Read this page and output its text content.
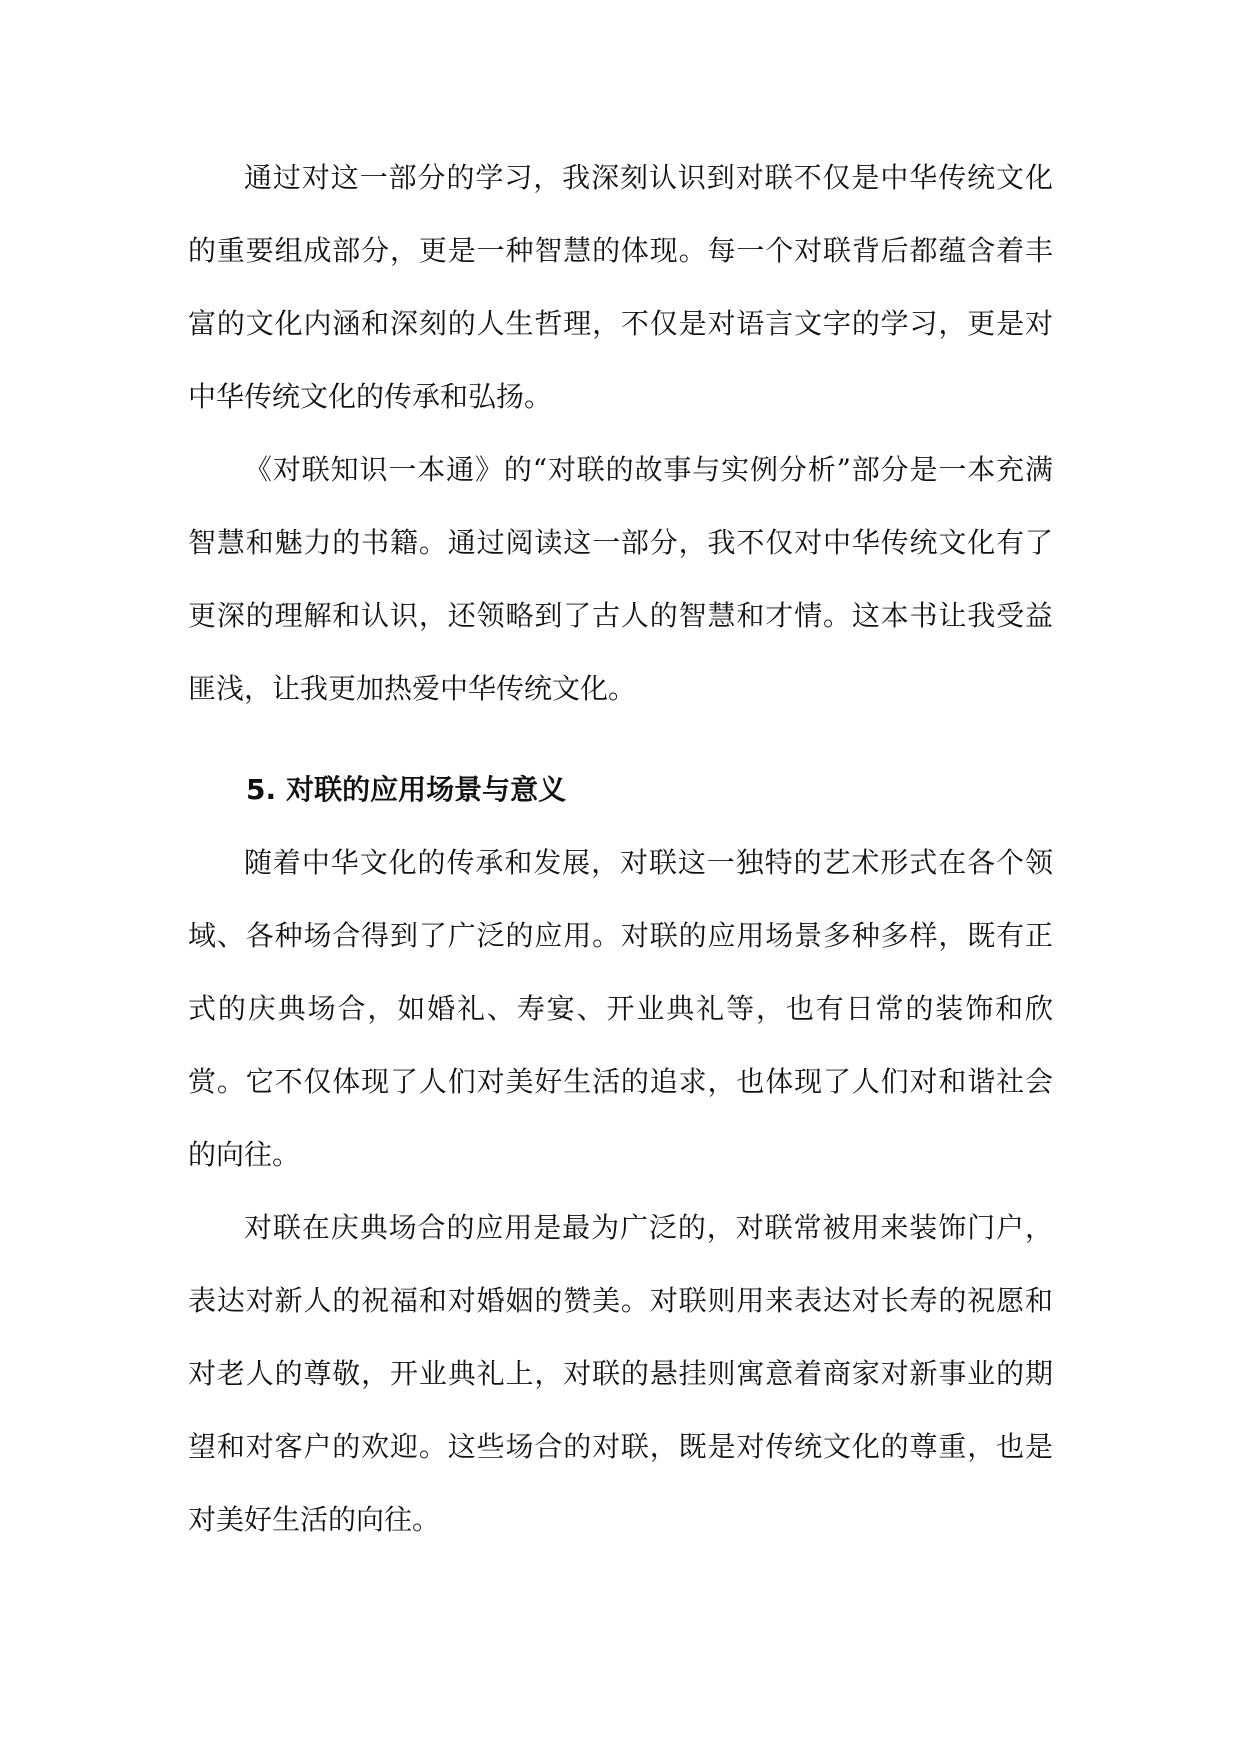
通过对这一部分的学习，我深刻认识到对联不仅是中华传统文化的重要组成部分，更是一种智慧的体现。每一个对联背后都蕴含着丰富的文化内涵和深刻的人生哲理，不仅是对语言文字的学习，更是对中华传统文化的传承和弘扬。

《对联知识一本通》的“对联的故事与实例分析”部分是一本充满智慧和魅力的书籍。通过阅读这一部分，我不仅对中华传统文化有了更深的理解和认识，还领略到了古人的智慧和才情。这本书让我受益匪浅，让我更加热爱中华传统文化。

5. 对联的应用场景与意义

随着中华文化的传承和发展，对联这一独特的艺术形式在各个领域、各种场合得到了广泛的应用。对联的应用场景多种多样，既有正式的庆典场合，如婚礼、寿宴、开业典礼等，也有日常的装饰和欣赏。它不仅体现了人们对美好生活的追求，也体现了人们对和谐社会的向往。

对联在庆典场合的应用是最为广泛的，对联常被用来装饰门户，表达对新人的祝福和对婚姻的赞美。对联则用来表达对长寿的祝愿和对老人的尊敬，开业典礼上，对联的悬挂则寓意着商家对新事业的期望和对客户的欢迎。这些场合的对联，既是对传统文化的尊重，也是对美好生活的向往。
